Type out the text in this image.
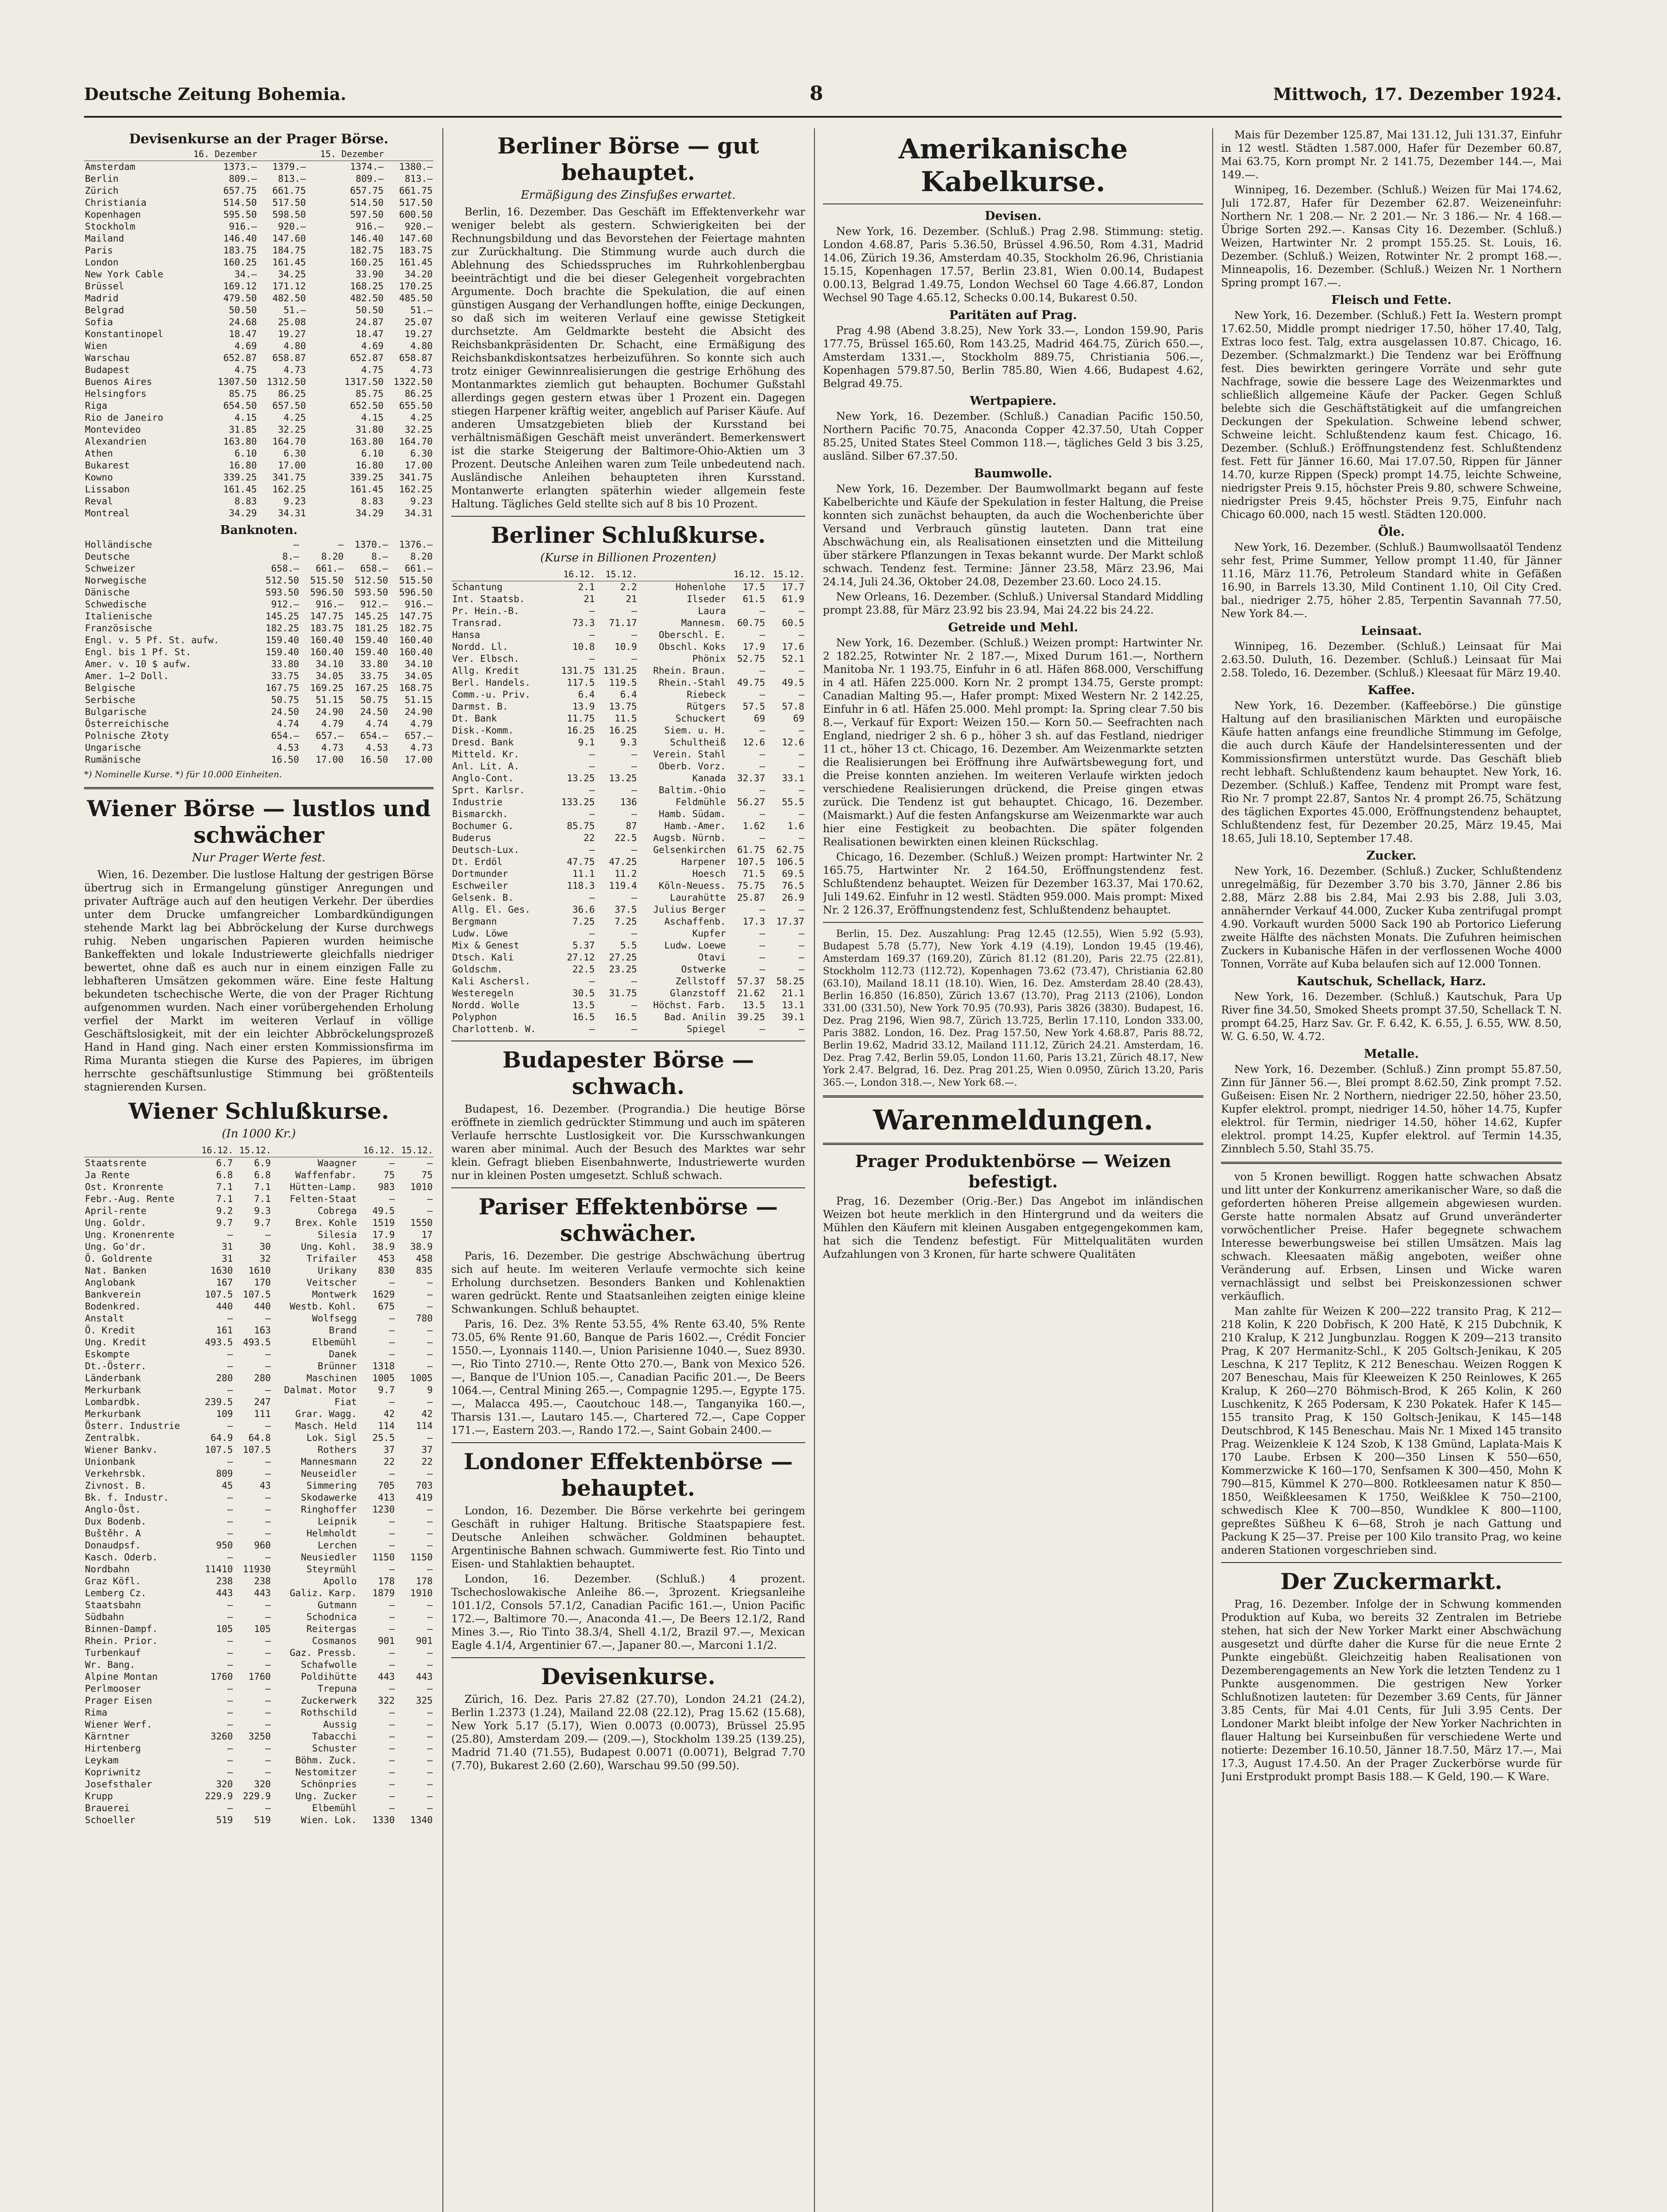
Deutsche Zeitung Bohemia.	8	Mittwoch, 17. Dezember 1924.
Devisenkurse an der Prager Börse.
	16. Dezember		15. Dezember	
Amsterdam	1373.—	1379.—	1374.—	1380.—
Berlin	809.—	813.—	809.—	813.—
Zürich	657.75	661.75	657.75	661.75
Christiania	514.50	517.50	514.50	517.50
Kopenhagen	595.50	598.50	597.50	600.50
Stockholm	916.—	920.—	916.—	920.—
Mailand	146.40	147.60	146.40	147.60
Paris	183.75	184.75	182.75	183.75
London	160.25	161.45	160.25	161.45
New York Cable	34.—	34.25	33.90	34.20
Brüssel	169.12	171.12	168.25	170.25
Madrid	479.50	482.50	482.50	485.50
Belgrad	50.50	51.—	50.50	51.—
Sofia	24.68	25.08	24.87	25.07
Konstantinopel	18.47	19.27	18.47	19.27
Wien	4.69	4.80	4.69	4.80
Warschau	652.87	658.87	652.87	658.87
Budapest	4.75	4.73	4.75	4.73
Buenos Aires	1307.50	1312.50	1317.50	1322.50
Helsingfors	85.75	86.25	85.75	86.25
Riga	654.50	657.50	652.50	655.50
Rio de Janeiro	4.15	4.25	4.15	4.25
Montevideo	31.85	32.25	31.80	32.25
Alexandrien	163.80	164.70	163.80	164.70
Athen	6.10	6.30	6.10	6.30
Bukarest	16.80	17.00	16.80	17.00
Kowno	339.25	341.75	339.25	341.75
Lissabon	161.45	162.25	161.45	162.25
Reval	8.83	9.23	8.83	9.23
Montreal	34.29	34.31	34.29	34.31
Banknoten.
Holländische	—	—	1370.—	1376.—
Deutsche	8.—	8.20	8.—	8.20
Schweizer	658.—	661.—	658.—	661.—
Norwegische	512.50	515.50	512.50	515.50
Dänische	593.50	596.50	593.50	596.50
Schwedische	912.—	916.—	912.—	916.—
Italienische	145.25	147.75	145.25	147.75
Französische	182.25	183.75	181.25	182.75
Engl. v. 5 Pf. St. aufw.	159.40	160.40	159.40	160.40
Engl. bis 1 Pf. St.	159.40	160.40	159.40	160.40
Amer. v. 10 $ aufw.	33.80	34.10	33.80	34.10
Amer. 1—2 Doll.	33.75	34.05	33.75	34.05
Belgische	167.75	169.25	167.25	168.75
Serbische	50.75	51.15	50.75	51.15
Bulgarische	24.50	24.90	24.50	24.90
Österreichische	4.74	4.79	4.74	4.79
Polnische Złoty	654.—	657.—	654.—	657.—
Ungarische	4.53	4.73	4.53	4.73
Rumänische	16.50	17.00	16.50	17.00
*) Nominelle Kurse. *) für 10.000 Einheiten.
Wiener Börse — lustlos und schwächer
Nur Prager Werte fest.
Wien, 16. Dezember. Die lustlose Haltung der gestrigen Börse übertrug sich in Ermangelung günstiger Anregungen und privater Aufträge auch auf den heutigen Verkehr. Der überdies unter dem Drucke umfangreicher Lombardkündigungen stehende Markt lag bei Abbröckelung der Kurse durchwegs ruhig. Neben ungarischen Papieren wurden heimische Bankeffekten und lokale Industriewerte gleichfalls niedriger bewertet, ohne daß es auch nur in einem einzigen Falle zu lebhafteren Umsätzen gekommen wäre. Eine feste Haltung bekundeten tschechische Werte, die von der Prager Richtung aufgenommen wurden. Nach einer vorübergehenden Erholung verfiel der Markt im weiteren Verlauf in völlige Geschäftslosigkeit, mit der ein leichter Abbröckelungsprozeß Hand in Hand ging. Nach einer ersten Kommissionsfirma im Rima Muranta stiegen die Kurse des Papieres, im übrigen herrschte geschäftsunlustige Stimmung bei größtenteils stagnierenden Kursen.
Wiener Schlußkurse.
(In 1000 Kr.)
	16.12.	15.12.		16.12.	15.12.
Staatsrente	6.7	6.9	Waagner	—	—
Ja Rente	6.8	6.8	Waffenfabr.	75	75
Ost. Kronrente	7.1	7.1	Hütten-Lamp.	983	1010
Febr.-Aug. Rente	7.1	7.1	Felten-Staat	—	—
April-rente	9.2	9.3	Cobrega	49.5	—
Ung. Goldr.	9.7	9.7	Brex. Kohle	1519	1550
Ung. Kronenrente	—	—	Silesia	17.9	17
Ung. Go'dr.	31	30	Ung. Kohl.	38.9	38.9
Ö. Goldrente	31	32	Trifailer	453	458
Nat. Banken	1630	1610	Urikany	830	835
Anglobank	167	170	Veitscher	—	—
Bankverein	107.5	107.5	Montwerk	1629	—
Bodenkred.	440	440	Westb. Kohl.	675	—
Anstalt	—	—	Wolfsegg	—	780
Ö. Kredit	161	163	Brand	—	—
Ung. Kredit	493.5	493.5	Elbemühl	—	—
Eskompte	—	—	Danek	—	—
Dt.-Österr.	—	—	Brünner	1318	—
Länderbank	280	280	Maschinen	1005	1005
Merkurbank	—	—	Dalmat. Motor	9.7	9
Lombardbk.	239.5	247	Fiat	—	—
Merkurbank	109	111	Grar. Wagg.	42	42
Österr. Industrie	—	—	Masch. Held	114	114
Zentralbk.	64.9	64.8	Lok. Sigl	25.5	—
Wiener Bankv.	107.5	107.5	Rothers	37	37
Unionbank	—	—	Mannesmann	22	22
Verkehrsbk.	809	—	Neuseidler	—	—
Zivnost. B.	45	43	Simmering	705	703
Bk. f. Industr.	—	—	Skodawerke	413	419
Anglo-Öst.	—	—	Ringhoffer	1230	—
Dux Bodenb.	—	—	Leipnik	—	—
Buštěhr. A	—	—	Helmholdt	—	—
Donaudpsf.	950	960	Lerchen	—	—
Kasch. Oderb.	—	—	Neusiedler	1150	1150
Nordbahn	11410	11930	Steyrmühl	—	—
Graz Köfl.	238	238	Apollo	178	178
Lemberg Cz.	443	443	Galiz. Karp.	1879	1910
Staatsbahn	—	—	Gutmann	—	—
Südbahn	—	—	Schodnica	—	—
Binnen-Dampf.	105	105	Reitergas	—	—
Rhein. Prior.	—	—	Cosmanos	901	901
Turbenkauf	—	—	Gaz. Pressb.	—	—
Wr. Bang.	—	—	Schafwolle	—	—
Alpine Montan	1760	1760	Poldihütte	443	443
Perlmooser	—	—	Trepuna	—	—
Prager Eisen	—	—	Zuckerwerk	322	325
Rima	—	—	Rothschild	—	—
Wiener Werf.	—	—	Aussig	—	—
Kärntner	3260	3250	Tabacchi	—	—
Hirtenberg	—	—	Schuster	—	—
Leykam	—	—	Böhm. Zuck.	—	—
Kopriwnitz	—	—	Nestomitzer	—	—
Josefsthaler	320	320	Schönpries	—	—
Krupp	229.9	229.9	Ung. Zucker	—	—
Brauerei	—	—	Elbemühl	—	—
Schoeller	519	519	Wien. Lok.	1330	1340
Berliner Börse — gut behauptet.
Ermäßigung des Zinsfußes erwartet.
Berlin, 16. Dezember. Das Geschäft im Effektenverkehr war weniger belebt als gestern. Schwierigkeiten bei der Rechnungsbildung und das Bevorstehen der Feiertage mahnten zur Zurückhaltung. Die Stimmung wurde auch durch die Ablehnung des Schiedsspruches im Ruhrkohlenbergbau beeinträchtigt und die bei dieser Gelegenheit vorgebrachten Argumente. Doch brachte die Spekulation, die auf einen günstigen Ausgang der Verhandlungen hoffte, einige Deckungen, so daß sich im weiteren Verlauf eine gewisse Stetigkeit durchsetzte. Am Geldmarkte besteht die Absicht des Reichsbankpräsidenten Dr. Schacht, eine Ermäßigung des Reichsbankdiskontsatzes herbeizuführen. So konnte sich auch trotz einiger Gewinnrealisierungen die gestrige Erhöhung des Montanmarktes ziemlich gut behaupten. Bochumer Gußstahl allerdings gegen gestern etwas über 1 Prozent ein. Dagegen stiegen Harpener kräftig weiter, angeblich auf Pariser Käufe. Auf anderen Umsatzgebieten blieb der Kursstand bei verhältnismäßigen Geschäft meist unverändert. Bemerkenswert ist die starke Steigerung der Baltimore-Ohio-Aktien um 3 Prozent. Deutsche Anleihen waren zum Teile unbedeutend nach. Ausländische Anleihen behaupteten ihren Kursstand. Montanwerte erlangten späterhin wieder allgemein feste Haltung. Tägliches Geld stellte sich auf 8 bis 10 Prozent.
Berliner Schlußkurse.
(Kurse in Billionen Prozenten)
	16.12.	15.12.		16.12.	15.12.
Schantung	2.1	2.2	Hohenlohe	17.5	17.7
Int. Staatsb.	21	21	Ilseder	61.5	61.9
Pr. Hein.-B.	—	—	Laura	—	—
Transrad.	73.3	71.17	Mannesm.	60.75	60.5
Hansa	—	—	Oberschl. E.	—	—
Nordd. Ll.	10.8	10.9	Obschl. Koks	17.9	17.6
Ver. Elbsch.	—	—	Phönix	52.75	52.1
Allg. Kredit	131.75	131.25	Rhein. Braun.	—	—
Berl. Handels.	117.5	119.5	Rhein.-Stahl	49.75	49.5
Comm.-u. Priv.	6.4	6.4	Riebeck	—	—
Darmst. B.	13.9	13.75	Rütgers	57.5	57.8
Dt. Bank	11.75	11.5	Schuckert	69	69
Disk.-Komm.	16.25	16.25	Siem. u. H.	—	—
Dresd. Bank	9.1	9.3	Schultheiß	12.6	12.6
Mitteld. Kr.	—	—	Verein. Stahl	—	—
Anl. Lit. A.	—	—	Oberb. Vorz.	—	—
Anglo-Cont.	13.25	13.25	Kanada	32.37	33.1
Sprt. Karlsr.	—	—	Baltim.-Ohio	—	—
Industrie	133.25	136	Feldmühle	56.27	55.5
Bismarckh.	—	—	Hamb. Südam.	—	—
Bochumer G.	85.75	87	Hamb.-Amer.	1.62	1.6
Buderus	22	22.5	Augsb. Nürnb.	—	—
Deutsch-Lux.	—	—	Gelsenkirchen	61.75	62.75
Dt. Erdöl	47.75	47.25	Harpener	107.5	106.5
Dortmunder	11.1	11.2	Hoesch	71.5	69.5
Eschweiler	118.3	119.4	Köln-Neuess.	75.75	76.5
Gelsenk. B.	—	—	Laurahütte	25.87	26.9
Allg. El. Ges.	36.6	37.5	Julius Berger	—	—
Bergmann	7.25	7.25	Aschaffenb.	17.3	17.37
Ludw. Löwe	—	—	Kupfer	—	—
Mix & Genest	5.37	5.5	Ludw. Loewe	—	—
Dtsch. Kali	27.12	27.25	Otavi	—	—
Goldschm.	22.5	23.25	Ostwerke	—	—
Kali Aschersl.	—	—	Zellstoff	57.37	58.25
Westeregeln	30.5	31.75	Glanzstoff	21.62	21.1
Nordd. Wolle	13.5	—	Höchst. Farb.	13.5	13.1
Polyphon	16.5	16.5	Bad. Anilin	39.25	39.1
Charlottenb. W.	—	—	Spiegel	—	—
Budapester Börse — schwach.
Budapest, 16. Dezember. (Prograndia.) Die heutige Börse eröffnete in ziemlich gedrückter Stimmung und auch im späteren Verlaufe herrschte Lustlosigkeit vor. Die Kursschwankungen waren aber minimal. Auch der Besuch des Marktes war sehr klein. Gefragt blieben Eisenbahnwerte, Industriewerte wurden nur in kleinen Posten umgesetzt. Schluß schwach.
Pariser Effektenbörse — schwächer.
Paris, 16. Dezember. Die gestrige Abschwächung übertrug sich auf heute. Im weiteren Verlaufe vermochte sich keine Erholung durchsetzen. Besonders Banken und Kohlenaktien waren gedrückt. Rente und Staatsanleihen zeigten einige kleine Schwankungen. Schluß behauptet.
Paris, 16. Dez. 3% Rente 53.55, 4% Rente 63.40, 5% Rente 73.05, 6% Rente 91.60, Banque de Paris 1602.—, Crédit Foncier 1550.—, Lyonnais 1140.—, Union Parisienne 1040.—, Suez 8930.—, Rio Tinto 2710.—, Rente Otto 270.—, Bank von Mexico 526.—, Banque de l'Union 105.—, Canadian Pacific 201.—, De Beers 1064.—, Central Mining 265.—, Compagnie 1295.—, Egypte 175.—, Malacca 495.—, Caoutchouc 148.—, Tanganyika 160.—, Tharsis 131.—, Lautaro 145.—, Chartered 72.—, Cape Copper 171.—, Eastern 203.—, Rando 172.—, Saint Gobain 2400.—
Londoner Effektenbörse — behauptet.
London, 16. Dezember. Die Börse verkehrte bei geringem Geschäft in ruhiger Haltung. Britische Staatspapiere fest. Deutsche Anleihen schwächer. Goldminen behauptet. Argentinische Bahnen schwach. Gummiwerte fest. Rio Tinto und Eisen- und Stahlaktien behauptet.
London, 16. Dezember. (Schluß.) 4 prozent. Tschechoslowakische Anleihe 86.—, 3prozent. Kriegsanleihe 101.1/2, Consols 57.1/2, Canadian Pacific 161.—, Union Pacific 172.—, Baltimore 70.—, Anaconda 41.—, De Beers 12.1/2, Rand Mines 3.—, Rio Tinto 38.3/4, Shell 4.1/2, Brazil 97.—, Mexican Eagle 4.1/4, Argentinier 67.—, Japaner 80.—, Marconi 1.1/2.
Devisenkurse.
Zürich, 16. Dez. Paris 27.82 (27.70), London 24.21 (24.2), Berlin 1.2373 (1.24), Mailand 22.08 (22.12), Prag 15.62 (15.68), New York 5.17 (5.17), Wien 0.0073 (0.0073), Brüssel 25.95 (25.80), Amsterdam 209.— (209.—), Stockholm 139.25 (139.25), Madrid 71.40 (71.55), Budapest 0.0071 (0.0071), Belgrad 7.70 (7.70), Bukarest 2.60 (2.60), Warschau 99.50 (99.50).
Amerikanische Kabelkurse.
Devisen.
New York, 16. Dezember. (Schluß.) Prag 2.98. Stimmung: stetig. London 4.68.87, Paris 5.36.50, Brüssel 4.96.50, Rom 4.31, Madrid 14.06, Zürich 19.36, Amsterdam 40.35, Stockholm 26.96, Christiania 15.15, Kopenhagen 17.57, Berlin 23.81, Wien 0.00.14, Budapest 0.00.13, Belgrad 1.49.75, London Wechsel 60 Tage 4.66.87, London Wechsel 90 Tage 4.65.12, Schecks 0.00.14, Bukarest 0.50.
Paritäten auf Prag.
Prag 4.98 (Abend 3.8.25), New York 33.—, London 159.90, Paris 177.75, Brüssel 165.60, Rom 143.25, Madrid 464.75, Zürich 650.—, Amsterdam 1331.—, Stockholm 889.75, Christiania 506.—, Kopenhagen 579.87.50, Berlin 785.80, Wien 4.66, Budapest 4.62, Belgrad 49.75.
Wertpapiere.
New York, 16. Dezember. (Schluß.) Canadian Pacific 150.50, Northern Pacific 70.75, Anaconda Copper 42.37.50, Utah Copper 85.25, United States Steel Common 118.—, tägliches Geld 3 bis 3.25, ausländ. Silber 67.37.50.
Baumwolle.
New York, 16. Dezember. Der Baumwollmarkt begann auf feste Kabelberichte und Käufe der Spekulation in fester Haltung, die Preise konnten sich zunächst behaupten, da auch die Wochenberichte über Versand und Verbrauch günstig lauteten. Dann trat eine Abschwächung ein, als Realisationen einsetzten und die Mitteilung über stärkere Pflanzungen in Texas bekannt wurde. Der Markt schloß schwach. Tendenz fest. Termine: Jänner 23.58, März 23.96, Mai 24.14, Juli 24.36, Oktober 24.08, Dezember 23.60. Loco 24.15.
New Orleans, 16. Dezember. (Schluß.) Universal Standard Middling prompt 23.88, für März 23.92 bis 23.94, Mai 24.22 bis 24.22.
Getreide und Mehl.
New York, 16. Dezember. (Schluß.) Weizen prompt: Hartwinter Nr. 2 182.25, Rotwinter Nr. 2 187.—, Mixed Durum 161.—, Northern Manitoba Nr. 1 193.75, Einfuhr in 6 atl. Häfen 868.000, Verschiffung in 4 atl. Häfen 225.000. Korn Nr. 2 prompt 134.75, Gerste prompt: Canadian Malting 95.—, Hafer prompt: Mixed Western Nr. 2 142.25, Einfuhr in 6 atl. Häfen 25.000. Mehl prompt: Ia. Spring clear 7.50 bis 8.—, Verkauf für Export: Weizen 150.— Korn 50.— Seefrachten nach England, niedriger 2 sh. 6 p., höher 3 sh. auf das Festland, niedriger 11 ct., höher 13 ct. Chicago, 16. Dezember. Am Weizenmarkte setzten die Realisierungen bei Eröffnung ihre Aufwärtsbewegung fort, und die Preise konnten anziehen. Im weiteren Verlaufe wirkten jedoch verschiedene Realisierungen drückend, die Preise gingen etwas zurück. Die Tendenz ist gut behauptet. Chicago, 16. Dezember. (Maismarkt.) Auf die festen Anfangskurse am Weizenmarkte war auch hier eine Festigkeit zu beobachten. Die später folgenden Realisationen bewirkten einen kleinen Rückschlag.
Chicago, 16. Dezember. (Schluß.) Weizen prompt: Hartwinter Nr. 2 165.75, Hartwinter Nr. 2 164.50, Eröffnungstendenz fest. Schlußtendenz behauptet. Weizen für Dezember 163.37, Mai 170.62, Juli 149.62. Einfuhr in 12 westl. Städten 959.000. Mais prompt: Mixed Nr. 2 126.37, Eröffnungstendenz fest, Schlußtendenz behauptet.
Berlin, 15. Dez. Auszahlung: Prag 12.45 (12.55), Wien 5.92 (5.93), Budapest 5.78 (5.77), New York 4.19 (4.19), London 19.45 (19.46), Amsterdam 169.37 (169.20), Zürich 81.12 (81.20), Paris 22.75 (22.81), Stockholm 112.73 (112.72), Kopenhagen 73.62 (73.47), Christiania 62.80 (63.10), Mailand 18.11 (18.10). Wien, 16. Dez. Amsterdam 28.40 (28.43), Berlin 16.850 (16.850), Zürich 13.67 (13.70), Prag 2113 (2106), London 331.00 (331.50), New York 70.95 (70.93), Paris 3826 (3830). Budapest, 16. Dez. Prag 2196, Wien 98.7, Zürich 13.725, Berlin 17.110, London 333.00, Paris 3882. London, 16. Dez. Prag 157.50, New York 4.68.87, Paris 88.72, Berlin 19.62, Madrid 33.12, Mailand 111.12, Zürich 24.21. Amsterdam, 16. Dez. Prag 7.42, Berlin 59.05, London 11.60, Paris 13.21, Zürich 48.17, New York 2.47. Belgrad, 16. Dez. Prag 201.25, Wien 0.0950, Zürich 13.20, Paris 365.—, London 318.—, New York 68.—.
Warenmeldungen.
Prager Produktenbörse — Weizen befestigt.
Prag, 16. Dezember (Orig.-Ber.) Das Angebot im inländischen Weizen bot heute merklich in den Hintergrund und da weiters die Mühlen den Käufern mit kleinen Ausgaben entgegengekommen kam, hat sich die Tendenz befestigt. Für Mittelqualitäten wurden Aufzahlungen von 3 Kronen, für harte schwere Qualitäten
Mais für Dezember 125.87, Mai 131.12, Juli 131.37, Einfuhr in 12 westl. Städten 1.587.000, Hafer für Dezember 60.87, Mai 63.75, Korn prompt Nr. 2 141.75, Dezember 144.—, Mai 149.—.
Winnipeg, 16. Dezember. (Schluß.) Weizen für Mai 174.62, Juli 172.87, Hafer für Dezember 62.87. Weizeneinfuhr: Northern Nr. 1 208.— Nr. 2 201.— Nr. 3 186.— Nr. 4 168.— Übrige Sorten 292.—. Kansas City 16. Dezember. (Schluß.) Weizen, Hartwinter Nr. 2 prompt 155.25. St. Louis, 16. Dezember. (Schluß.) Weizen, Rotwinter Nr. 2 prompt 168.—. Minneapolis, 16. Dezember. (Schluß.) Weizen Nr. 1 Northern Spring prompt 167.—.
Fleisch und Fette.
New York, 16. Dezember. (Schluß.) Fett Ia. Western prompt 17.62.50, Middle prompt niedriger 17.50, höher 17.40, Talg, Extras loco fest. Talg, extra ausgelassen 10.87. Chicago, 16. Dezember. (Schmalzmarkt.) Die Tendenz war bei Eröffnung fest. Dies bewirkten geringere Vorräte und sehr gute Nachfrage, sowie die bessere Lage des Weizenmarktes und schließlich allgemeine Käufe der Packer. Gegen Schluß belebte sich die Geschäftstätigkeit auf die umfangreichen Deckungen der Spekulation. Schweine lebend schwer, Schweine leicht. Schlußtendenz kaum fest. Chicago, 16. Dezember. (Schluß.) Eröffnungstendenz fest. Schlußtendenz fest. Fett für Jänner 16.60, Mai 17.07.50, Rippen für Jänner 14.70, kurze Rippen (Speck) prompt 14.75, leichte Schweine, niedrigster Preis 9.15, höchster Preis 9.80, schwere Schweine, niedrigster Preis 9.45, höchster Preis 9.75, Einfuhr nach Chicago 60.000, nach 15 westl. Städten 120.000.
Öle.
New York, 16. Dezember. (Schluß.) Baumwollsaatöl Tendenz sehr fest, Prime Summer, Yellow prompt 11.40, für Jänner 11.16, März 11.76, Petroleum Standard white in Gefäßen 16.90, in Barrels 13.30, Mild Continent 1.10, Oil City Cred. bal., niedriger 2.75, höher 2.85, Terpentin Savannah 77.50, New York 84.—.
Leinsaat.
Winnipeg, 16. Dezember. (Schluß.) Leinsaat für Mai 2.63.50. Duluth, 16. Dezember. (Schluß.) Leinsaat für Mai 2.58. Toledo, 16. Dezember. (Schluß.) Kleesaat für März 19.40.
Kaffee.
New York, 16. Dezember. (Kaffeebörse.) Die günstige Haltung auf den brasilianischen Märkten und europäische Käufe hatten anfangs eine freundliche Stimmung im Gefolge, die auch durch Käufe der Handelsinteressenten und der Kommissionsfirmen unterstützt wurde. Das Geschäft blieb recht lebhaft. Schlußtendenz kaum behauptet. New York, 16. Dezember. (Schluß.) Kaffee, Tendenz mit Prompt ware fest, Rio Nr. 7 prompt 22.87, Santos Nr. 4 prompt 26.75, Schätzung des täglichen Exportes 45.000, Eröffnungstendenz behauptet, Schlußtendenz fest, für Dezember 20.25, März 19.45, Mai 18.65, Juli 18.10, September 17.48.
Zucker.
New York, 16. Dezember. (Schluß.) Zucker, Schlußtendenz unregelmäßig, für Dezember 3.70 bis 3.70, Jänner 2.86 bis 2.88, März 2.88 bis 2.84, Mai 2.93 bis 2.88, Juli 3.03, annähernder Verkauf 44.000, Zucker Kuba zentrifugal prompt 4.90. Vorkauft wurden 5000 Sack 190 ab Portorico Lieferung zweite Hälfte des nächsten Monats. Die Zufuhren heimischen Zuckers in Kubanische Häfen in der verflossenen Woche 4000 Tonnen, Vorräte auf Kuba belaufen sich auf 12.000 Tonnen.
Kautschuk, Schellack, Harz.
New York, 16. Dezember. (Schluß.) Kautschuk, Para Up River fine 34.50, Smoked Sheets prompt 37.50, Schellack T. N. prompt 64.25, Harz Sav. Gr. F. 6.42, K. 6.55, J. 6.55, WW. 8.50, W. G. 6.50, W. 4.72.
Metalle.
New York, 16. Dezember. (Schluß.) Zinn prompt 55.87.50, Zinn für Jänner 56.—, Blei prompt 8.62.50, Zink prompt 7.52. Gußeisen: Eisen Nr. 2 Northern, niedriger 22.50, höher 23.50, Kupfer elektrol. prompt, niedriger 14.50, höher 14.75, Kupfer elektrol. für Termin, niedriger 14.50, höher 14.62, Kupfer elektrol. prompt 14.25, Kupfer elektrol. auf Termin 14.35, Zinnblech 5.50, Stahl 35.75.
von 5 Kronen bewilligt. Roggen hatte schwachen Absatz und litt unter der Konkurrenz amerikanischer Ware, so daß die geforderten höheren Preise allgemein abgewiesen wurden. Gerste hatte normalen Absatz auf Grund unveränderter vorwöchentlicher Preise. Hafer begegnete schwachem Interesse bewerbungsweise bei stillen Umsätzen. Mais lag schwach. Kleesaaten mäßig angeboten, weißer ohne Veränderung auf. Erbsen, Linsen und Wicke waren vernachlässigt und selbst bei Preiskonzessionen schwer verkäuflich.
Man zahlte für Weizen K 200—222 transito Prag, K 212—218 Kolin, K 220 Dobřisch, K 200 Hatě, K 215 Dubchnik, K 210 Kralup, K 212 Jungbunzlau. Roggen K 209—213 transito Prag, K 207 Hermanitz-Schl., K 205 Goltsch-Jenikau, K 205 Leschna, K 217 Teplitz, K 212 Beneschau. Weizen Roggen K 207 Beneschau, Mais für Kleeweizen K 250 Reinlowes, K 265 Kralup, K 260—270 Böhmisch-Brod, K 265 Kolin, K 260 Luschkenitz, K 265 Podersam, K 230 Pokatek. Hafer K 145—155 transito Prag, K 150 Goltsch-Jenikau, K 145—148 Deutschbrod, K 145 Beneschau. Mais Nr. 1 Mixed 145 transito Prag. Weizenkleie K 124 Szob, K 138 Gmünd, Laplata-Mais K 170 Laube. Erbsen K 200—350 Linsen K 550—650, Kommerzwicke K 160—170, Senfsamen K 300—450, Mohn K 790—815, Kümmel K 270—800. Rotkleesamen natur K 850—1850, Weißkleesamen K 1750, Weißklee K 750—2100, schwedisch Klee K 700—850, Wundklee K 800—1100, gepreßtes Süßheu K 6—68, Stroh je nach Gattung und Packung K 25—37. Preise per 100 Kilo transito Prag, wo keine anderen Stationen vorgeschrieben sind.
Der Zuckermarkt.
Prag, 16. Dezember. Infolge der in Schwung kommenden Produktion auf Kuba, wo bereits 32 Zentralen im Betriebe stehen, hat sich der New Yorker Markt einer Abschwächung ausgesetzt und dürfte daher die Kurse für die neue Ernte 2 Punkte eingebüßt. Gleichzeitig haben Realisationen von Dezemberengagements an New York die letzten Tendenz zu 1 Punkte ausgenommen. Die gestrigen New Yorker Schlußnotizen lauteten: für Dezember 3.69 Cents, für Jänner 3.85 Cents, für Mai 4.01 Cents, für Juli 3.95 Cents. Der Londoner Markt bleibt infolge der New Yorker Nachrichten in flauer Haltung bei Kurseinbußen für verschiedene Werte und notierte: Dezember 16.10.50, Jänner 18.7.50, März 17.—, Mai 17.3, August 17.4.50. An der Prager Zuckerbörse wurde für Juni Erstprodukt prompt Basis 188.— K Geld, 190.— K Ware.
